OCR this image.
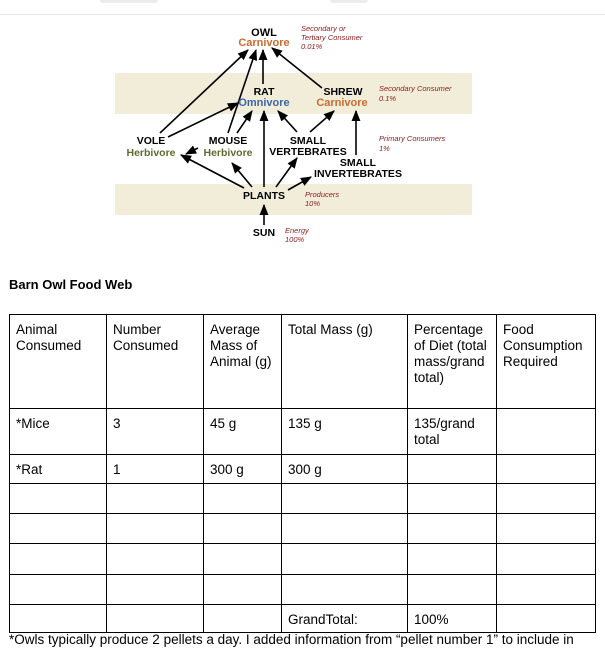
OWL
Carnivore
RAT
Omnivore
SHREW
Carnivore
VOLE
Herbivore
MOUSE
Herbivore
SMALL
VERTEBRATES
SMALL
INVERTEBRATES
PLANTS
SUN
Secondary or
Tertiary Consumer
0.01%
Secondary Consumer
0.1%
Primary Consumers
1%
Producers
10%
Energy
100%
Barn Owl Food Web
Animal Consumed	Number Consumed	Average Mass of Animal (g)	Total Mass (g)	Percentage of Diet (total mass/grand total)	Food Consumption Required
*Mice	3	45 g	135 g	135/grand total	
*Rat	1	300 g	300 g		

			GrandTotal:	100%	
*Owls typically produce 2 pellets a day. I added information from “pellet number 1” to include in
